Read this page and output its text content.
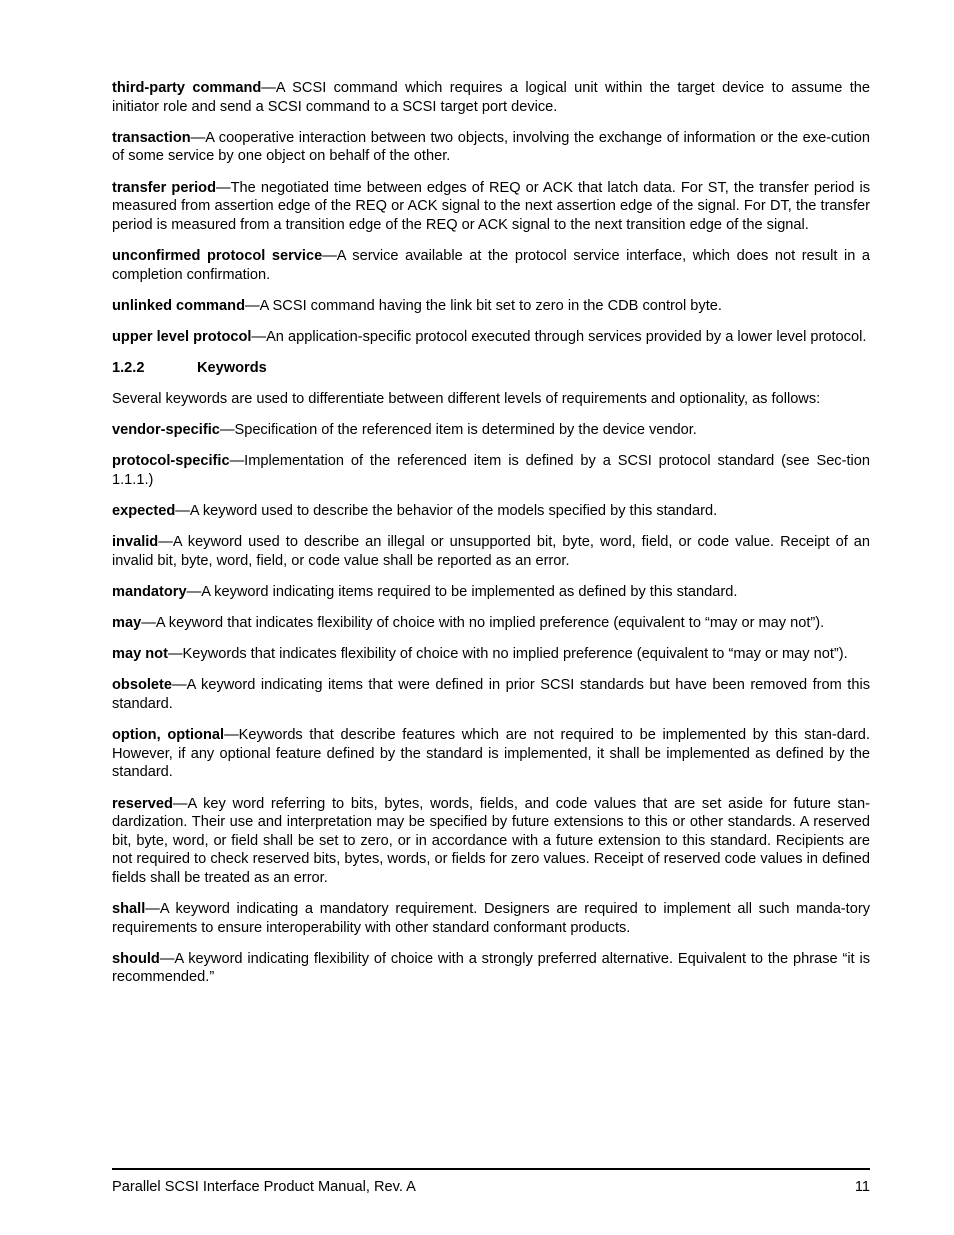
third-party command—A SCSI command which requires a logical unit within the target device to assume the initiator role and send a SCSI command to a SCSI target port device.

transaction—A cooperative interaction between two objects, involving the exchange of information or the exe-cution of some service by one object on behalf of the other.

transfer period—The negotiated time between edges of REQ or ACK that latch data. For ST, the transfer period is measured from assertion edge of the REQ or ACK signal to the next assertion edge of the signal. For DT, the transfer period is measured from a transition edge of the REQ or ACK signal to the next transition edge of the signal.

unconfirmed protocol service—A service available at the protocol service interface, which does not result in a completion confirmation.

unlinked command—A SCSI command having the link bit set to zero in the CDB control byte.

upper level protocol—An application-specific protocol executed through services provided by a lower level protocol.

1.2.2	Keywords

Several keywords are used to differentiate between different levels of requirements and optionality, as follows:

vendor-specific—Specification of the referenced item is determined by the device vendor.

protocol-specific—Implementation of the referenced item is defined by a SCSI protocol standard (see Sec-tion 1.1.1.)

expected—A keyword used to describe the behavior of the models specified by this standard.

invalid—A keyword used to describe an illegal or unsupported bit, byte, word, field, or code value. Receipt of an invalid bit, byte, word, field, or code value shall be reported as an error.

mandatory—A keyword indicating items required to be implemented as defined by this standard.

may—A keyword that indicates flexibility of choice with no implied preference (equivalent to “may or may not”).

may not—Keywords that indicates flexibility of choice with no implied preference (equivalent to “may or may not”).

obsolete—A keyword indicating items that were defined in prior SCSI standards but have been removed from this standard.

option, optional—Keywords that describe features which are not required to be implemented by this stan-dard. However, if any optional feature defined by the standard is implemented, it shall be implemented as defined by the standard.

reserved—A key word referring to bits, bytes, words, fields, and code values that are set aside for future stan-dardization. Their use and interpretation may be specified by future extensions to this or other standards. A reserved bit, byte, word, or field shall be set to zero, or in accordance with a future extension to this standard. Recipients are not required to check reserved bits, bytes, words, or fields for zero values. Receipt of reserved code values in defined fields shall be treated as an error.

shall—A keyword indicating a mandatory requirement. Designers are required to implement all such manda-tory requirements to ensure interoperability with other standard conformant products.

should—A keyword indicating flexibility of choice with a strongly preferred alternative. Equivalent to the phrase “it is recommended.”

Parallel SCSI Interface Product Manual, Rev. A	11
